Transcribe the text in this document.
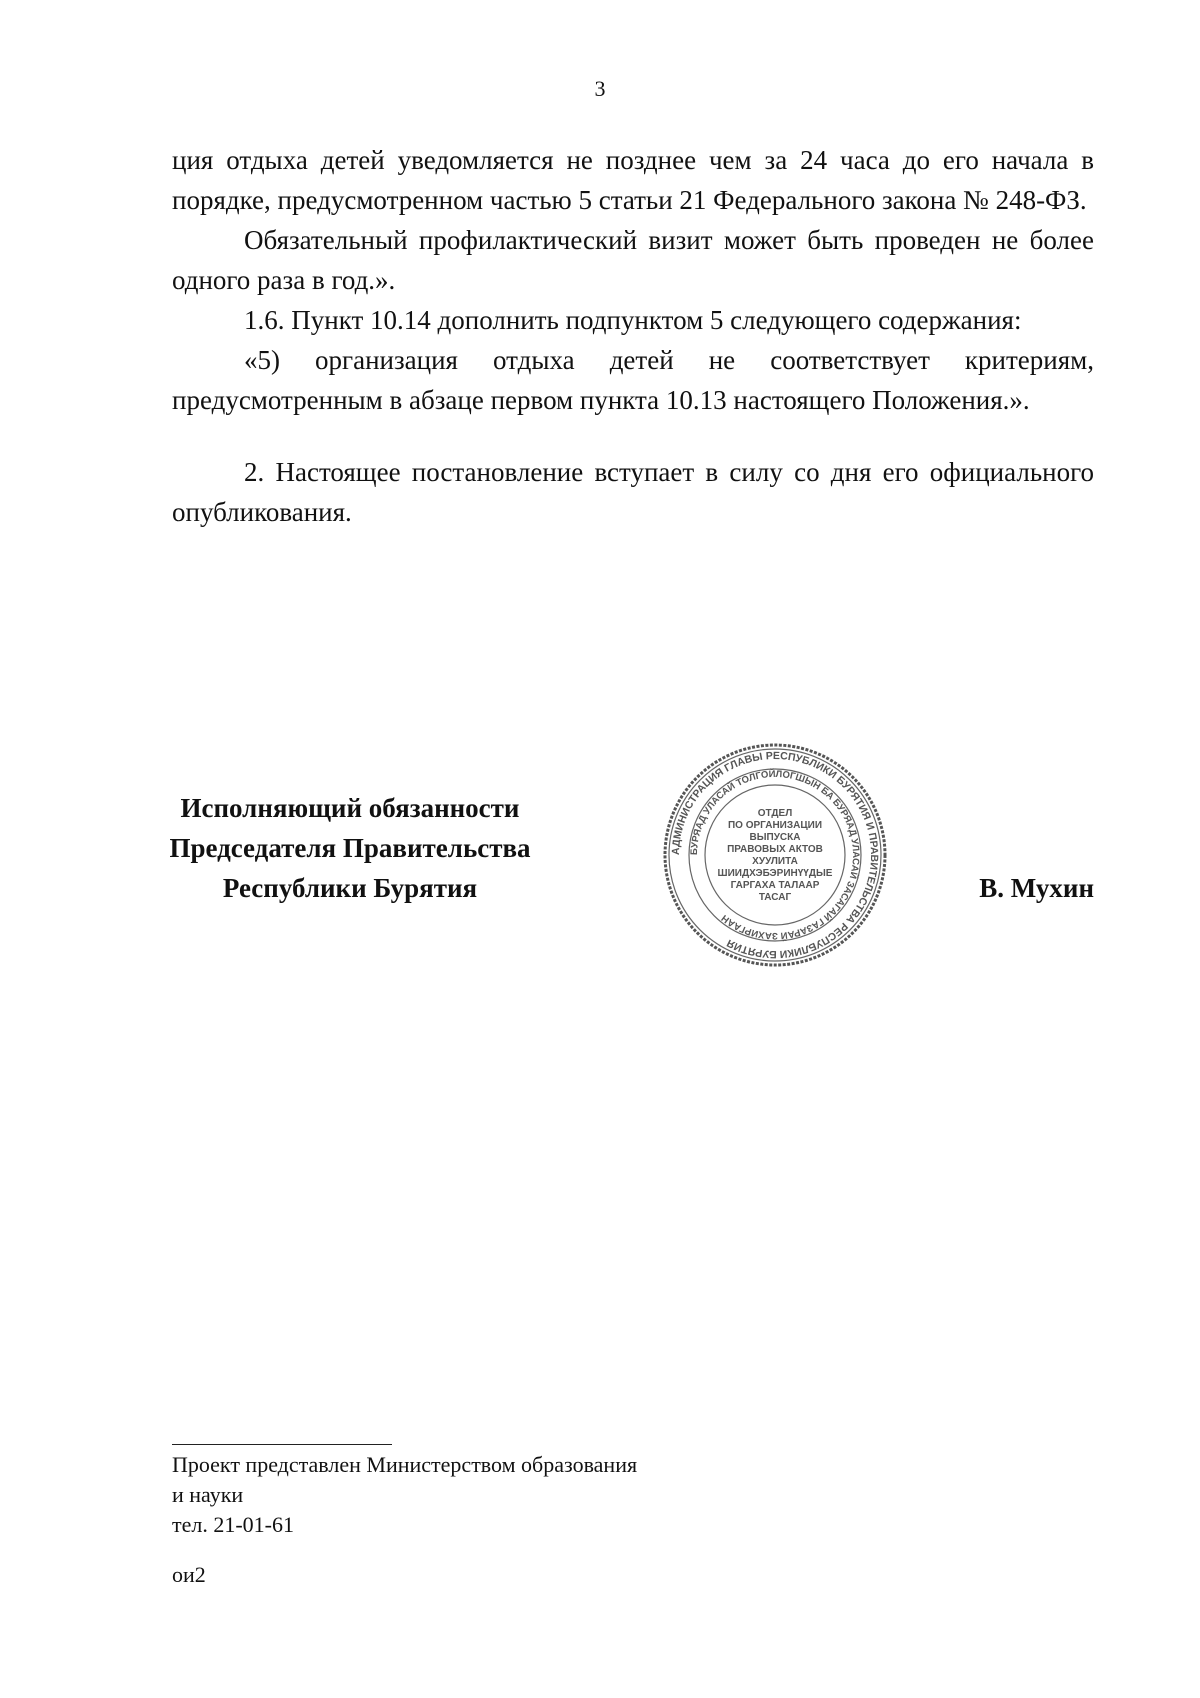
3

ция отдыха детей уведомляется не позднее чем за 24 часа до его начала в порядке, предусмотренном частью 5 статьи 21 Федерального закона № 248-ФЗ.

Обязательный профилактический визит может быть проведен не более одного раза в год.».

1.6. Пункт 10.14 дополнить подпунктом 5 следующего содержания:

«5) организация отдыха детей не соответствует критериям, предусмотренным в абзаце первом пункта 10.13 настоящего Положения.».

2. Настоящее постановление вступает в силу со дня его официального опубликования.

Исполняющий обязанности
Председателя Правительства
Республики Бурятия
АДМИНИСТРАЦИЯ ГЛАВЫ РЕСПУБЛИКИ БУРЯТИЯ И ПРАВИТЕЛЬСТВА РЕСПУБЛИКИ БУРЯТИЯ
БУРЯАД УЛАСАЙ ТОЛГОЙЛОГШЫН БА БУРЯАД УЛАСАЙ ЗАСАГАЙ ГАЗАРАЙ ЗАХИРГААН
ОТДЕЛ
ПО ОРГАНИЗАЦИИ
ВЫПУСКА
ПРАВОВЫХ АКТОВ
ХУУЛИТА
ШИИДХЭБЭРИНҮҮДЫЕ
ГАРГАХА ТАЛААР
ТАСАГ	В. Мухин
Проект представлен Министерством образования
и науки
тел. 21-01-61
ои2
